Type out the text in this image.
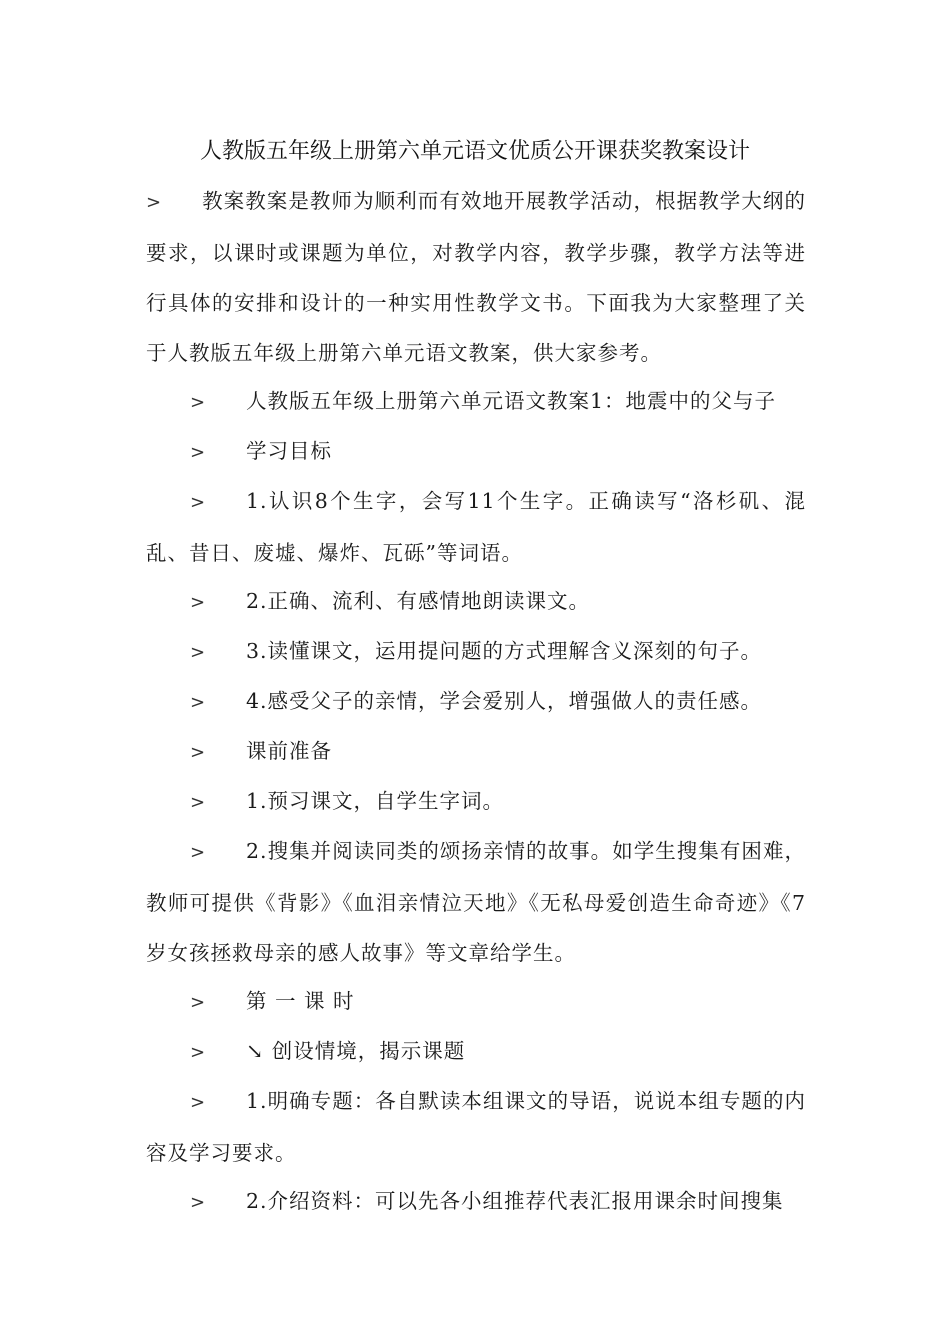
人教版五年级上册第六单元语文优质公开课获奖教案设计

> 教案教案是教师为顺利而有效地开展教学活动，根据教学大纲的要求，以课时或课题为单位，对教学内容，教学步骤，教学方法等进行具体的安排和设计的一种实用性教学文书。下面我为大家整理了关于人教版五年级上册第六单元语文教案，供大家参考。

> 人教版五年级上册第六单元语文教案1：地震中的父与子

> 学习目标

> 1.认识8个生字，会写11个生字。正确读写“洛杉矶、混乱、昔日、废墟、爆炸、瓦砾”等词语。

> 2.正确、流利、有感情地朗读课文。

> 3.读懂课文，运用提问题的方式理解含义深刻的句子。

> 4.感受父子的亲情，学会爱别人，增强做人的责任感。

> 课前准备

> 1.预习课文，自学生字词。

> 2.搜集并阅读同类的颂扬亲情的故事。如学生搜集有困难，教师可提供《背影》《血泪亲情泣天地》《无私母爱创造生命奇迹》《7岁女孩拯救母亲的感人故事》等文章给学生。

> 第 一 课 时

> ↘ 创设情境，揭示课题

> 1.明确专题：各自默读本组课文的导语，说说本组专题的内容及学习要求。

> 2.介绍资料：可以先各小组推荐代表汇报用课余时间搜集
